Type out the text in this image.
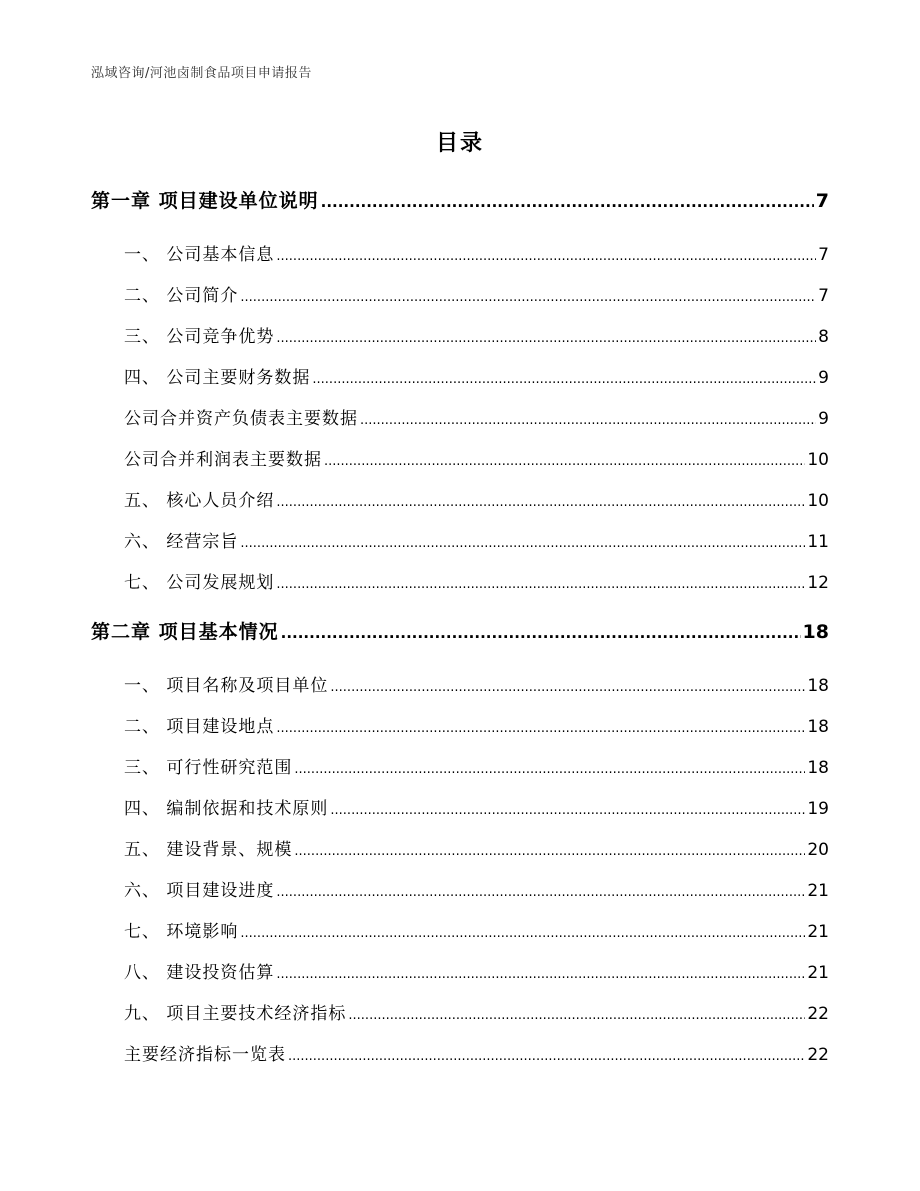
泓域咨询/河池卤制食品项目申请报告
目录
第一章 项目建设单位说明 .....	7
一、 公司基本信息 .....	7
二、 公司简介 .....	7
三、 公司竞争优势 .....	8
四、 公司主要财务数据 .....	9
公司合并资产负债表主要数据 .....	9
公司合并利润表主要数据 .....	10
五、 核心人员介绍 .....	10
六、 经营宗旨 .....	11
七、 公司发展规划 .....	12
第二章 项目基本情况 .....	18
一、 项目名称及项目单位 .....	18
二、 项目建设地点 .....	18
三、 可行性研究范围 .....	18
四、 编制依据和技术原则 .....	19
五、 建设背景、规模 .....	20
六、 项目建设进度 .....	21
七、 环境影响 .....	21
八、 建设投资估算 .....	21
九、 项目主要技术经济指标 .....	22
主要经济指标一览表 .....	22
